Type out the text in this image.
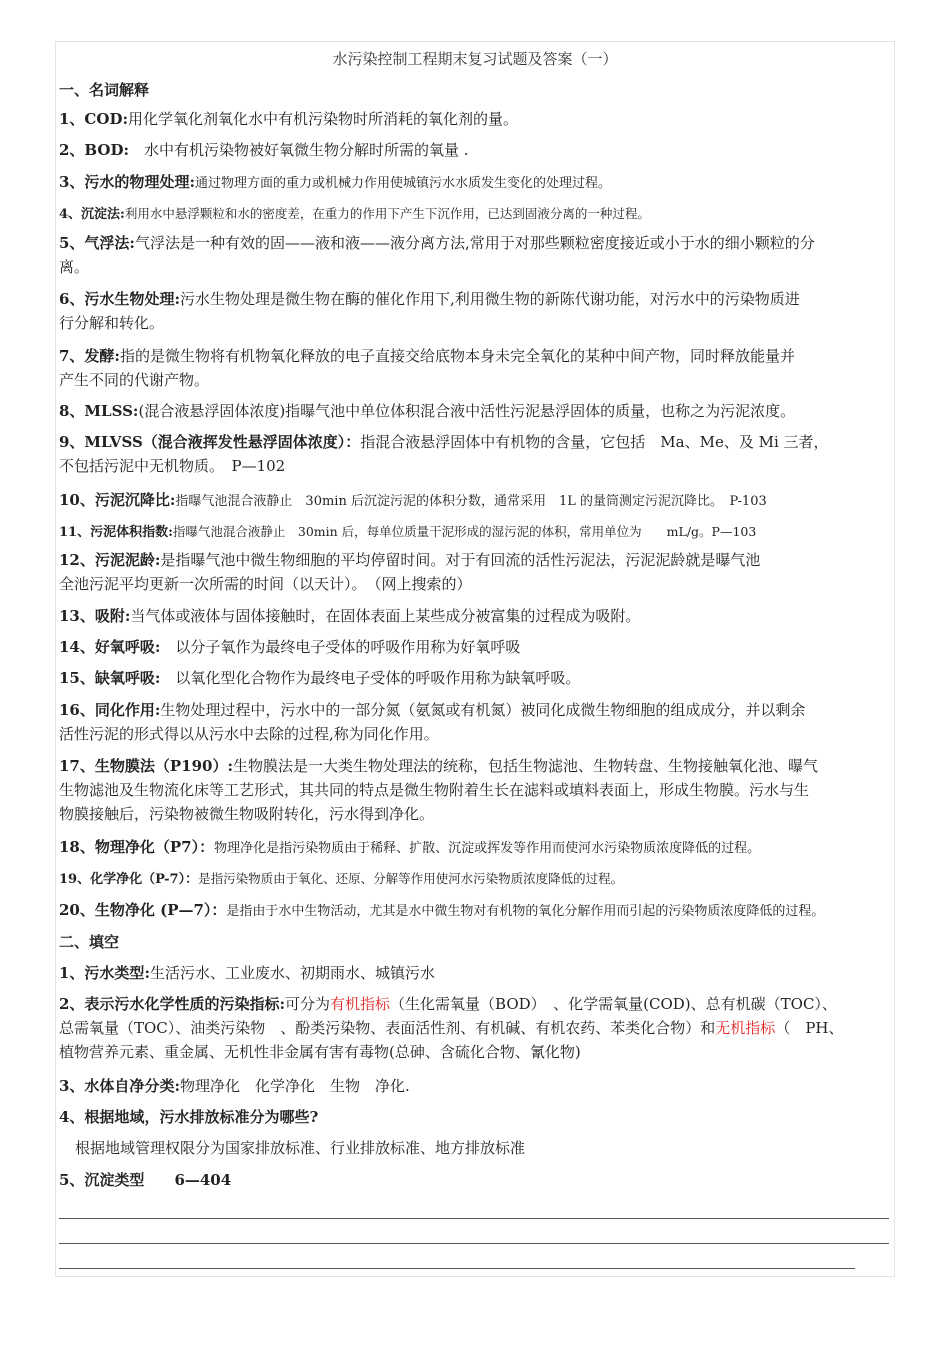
水污染控制工程期末复习试题及答案（一）
一、名词解释
1、COD:用化学氧化剂氧化水中有机污染物时所消耗的氧化剂的量。
2、BOD:　水中有机污染物被好氧微生物分解时所需的氧量 .
3、污水的物理处理:通过物理方面的重力或机械力作用使城镇污水水质发生变化的处理过程。
4、沉淀法:利用水中悬浮颗粒和水的密度差，在重力的作用下产生下沉作用，已达到固液分离的一种过程。
5、气浮法:气浮法是一种有效的固——液和液——液分离方法,常用于对那些颗粒密度接近或小于水的细小颗粒的分
离。
6、污水生物处理:污水生物处理是微生物在酶的催化作用下,利用微生物的新陈代谢功能，对污水中的污染物质进
行分解和转化。
7、发酵:指的是微生物将有机物氧化释放的电子直接交给底物本身未完全氧化的某种中间产物，同时释放能量并
产生不同的代谢产物。
8、MLSS:(混合液悬浮固体浓度)指曝气池中单位体积混合液中活性污泥悬浮固体的质量，也称之为污泥浓度。
9、MLVSS（混合液挥发性悬浮固体浓度）：指混合液悬浮固体中有机物的含量，它包括　Ma、Me、及 Mi 三者，
不包括污泥中无机物质。　P—102
10、污泥沉降比:指曝气池混合液静止　30min 后沉淀污泥的体积分数，通常采用　1L 的量筒测定污泥沉降比。　P-103
11、污泥体积指数:指曝气池混合液静止　30min 后，每单位质量干泥形成的湿污泥的体积，常用单位为　　mL/g。P—103
12、污泥泥龄:是指曝气池中微生物细胞的平均停留时间。对于有回流的活性污泥法，污泥泥龄就是曝气池
全池污泥平均更新一次所需的时间（以天计）。　（网上搜索的）
13、吸附:当气体或液体与固体接触时，在固体表面上某些成分被富集的过程成为吸附。
14、好氧呼吸:　以分子氧作为最终电子受体的呼吸作用称为好氧呼吸
15、缺氧呼吸:　以氧化型化合物作为最终电子受体的呼吸作用称为缺氧呼吸。
16、同化作用:生物处理过程中，污水中的一部分氮（氨氮或有机氮）被同化成微生物细胞的组成成分，并以剩余
活性污泥的形式得以从污水中去除的过程,称为同化作用。
17、生物膜法（P190）:生物膜法是一大类生物处理法的统称，包括生物滤池、生物转盘、生物接触氧化池、曝气
生物滤池及生物流化床等工艺形式，其共同的特点是微生物附着生长在滤料或填料表面上，形成生物膜。污水与生
物膜接触后，污染物被微生物吸附转化，污水得到净化。
18、物理净化（P7）：物理净化是指污染物质由于稀释、扩散、沉淀或挥发等作用而使河水污染物质浓度降低的过程。
19、化学净化（P-7）：是指污染物质由于氧化、还原、分解等作用使河水污染物质浓度降低的过程。
20、生物净化 (P—7）：是指由于水中生物活动，尤其是水中微生物对有机物的氧化分解作用而引起的污染物质浓度降低的过程。
二、填空
1、污水类型:生活污水、工业废水、初期雨水、城镇污水
2、表示污水化学性质的污染指标:可分为有机指标（生化需氧量（BOD）　、化学需氧量(COD)、总有机碳（TOC）、
总需氧量（TOC）、油类污染物　、酚类污染物、表面活性剂、有机碱、有机农药、苯类化合物）和无机指标（　PH、
植物营养元素、重金属、无机性非金属有害有毒物(总砷、含硫化合物、氰化物)
3、水体自净分类:物理净化　化学净化　生物　净化.
4、根据地域，污水排放标准分为哪些?
根据地域管理权限分为国家排放标准、行业排放标准、地方排放标准
5、沉淀类型　　6—404
